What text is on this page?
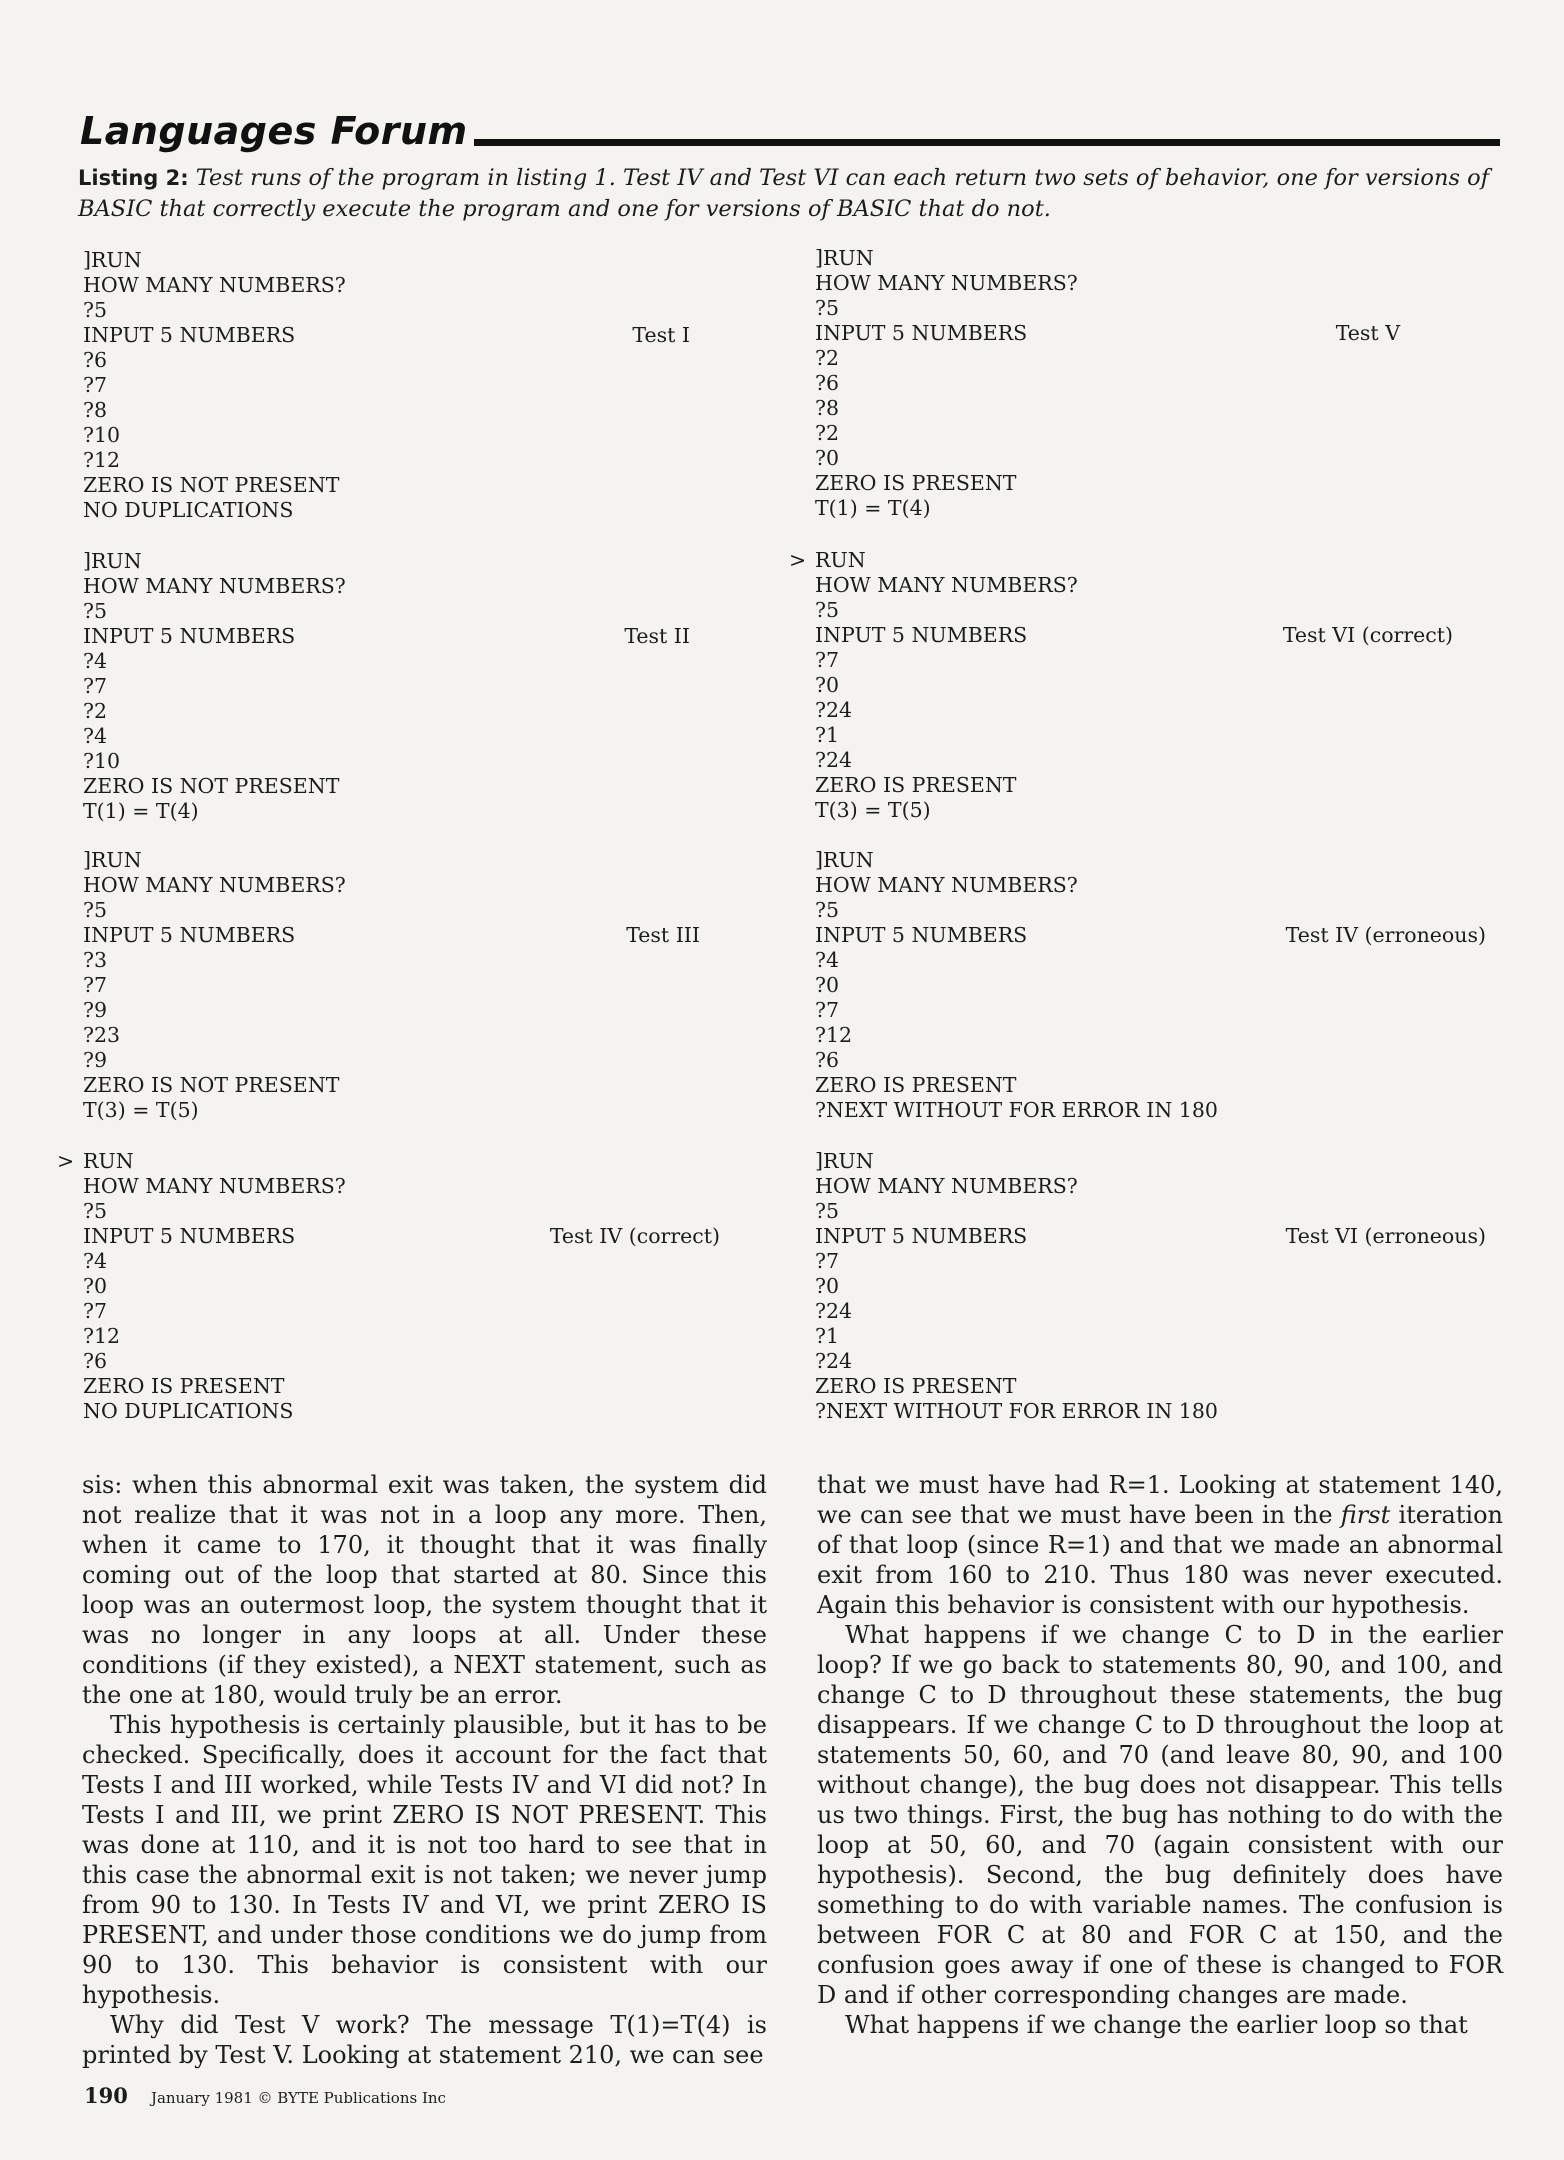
Languages Forum
Listing 2: Test runs of the program in listing 1. Test IV and Test VI can each return two sets of behavior, one for versions of BASIC that correctly execute the program and one for versions of BASIC that do not.
]RUN
HOW MANY NUMBERS?
?5
INPUT 5 NUMBERS
?6
?7
?8
?10
?12
ZERO IS NOT PRESENT
NO DUPLICATIONS
Test I
]RUN
HOW MANY NUMBERS?
?5
INPUT 5 NUMBERS
?4
?7
?2
?4
?10
ZERO IS NOT PRESENT
T(1) = T(4)
Test II
]RUN
HOW MANY NUMBERS?
?5
INPUT 5 NUMBERS
?3
?7
?9
?23
?9
ZERO IS NOT PRESENT
T(3) = T(5)
Test III
> RUN
HOW MANY NUMBERS?
?5
INPUT 5 NUMBERS
?4
?0
?7
?12
?6
ZERO IS PRESENT
NO DUPLICATIONS
Test IV (correct)
]RUN
HOW MANY NUMBERS?
?5
INPUT 5 NUMBERS
?2
?6
?8
?2
?0
ZERO IS PRESENT
T(1) = T(4)
Test V
> RUN
HOW MANY NUMBERS?
?5
INPUT 5 NUMBERS
?7
?0
?24
?1
?24
ZERO IS PRESENT
T(3) = T(5)
Test VI (correct)
]RUN
HOW MANY NUMBERS?
?5
INPUT 5 NUMBERS
?4
?0
?7
?12
?6
ZERO IS PRESENT
?NEXT WITHOUT FOR ERROR IN 180
Test IV (erroneous)
]RUN
HOW MANY NUMBERS?
?5
INPUT 5 NUMBERS
?7
?0
?24
?1
?24
ZERO IS PRESENT
?NEXT WITHOUT FOR ERROR IN 180
Test VI (erroneous)

sis: when this abnormal exit was taken, the system did not realize that it was not in a loop any more. Then, when it came to 170, it thought that it was finally coming out of the loop that started at 80. Since this loop was an outermost loop, the system thought that it was no longer in any loops at all. Under these conditions (if they existed), a NEXT statement, such as the one at 180, would truly be an error.

This hypothesis is certainly plausible, but it has to be checked. Specifically, does it account for the fact that Tests I and III worked, while Tests IV and VI did not? In Tests I and III, we print ZERO IS NOT PRESENT. This was done at 110, and it is not too hard to see that in this case the abnormal exit is not taken; we never jump from 90 to 130. In Tests IV and VI, we print ZERO IS PRESENT, and under those conditions we do jump from 90 to 130. This behavior is consistent with our hypothesis.

Why did Test V work? The message T(1)=T(4) is printed by Test V. Looking at statement 210, we can see

that we must have had R=1. Looking at statement 140, we can see that we must have been in the first iteration of that loop (since R=1) and that we made an abnormal exit from 160 to 210. Thus 180 was never executed. Again this behavior is consistent with our hypothesis.

What happens if we change C to D in the earlier loop? If we go back to statements 80, 90, and 100, and change C to D throughout these statements, the bug disappears. If we change C to D throughout the loop at statements 50, 60, and 70 (and leave 80, 90, and 100 without change), the bug does not disappear. This tells us two things. First, the bug has nothing to do with the loop at 50, 60, and 70 (again consistent with our hypothesis). Second, the bug definitely does have something to do with variable names. The confusion is between FOR C at 80 and FOR C at 150, and the confusion goes away if one of these is changed to FOR D and if other corresponding changes are made.

What happens if we change the earlier loop so that

190 January 1981 © BYTE Publications Inc
